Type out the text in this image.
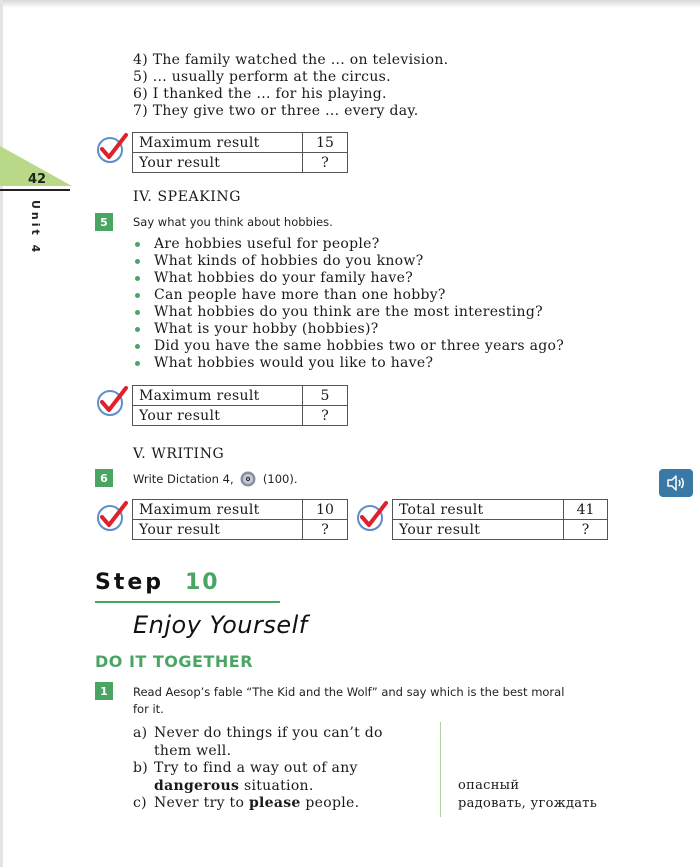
4) The family watched the ... on television.
5) ... usually perform at the circus.
6) I thanked the ... for his playing.
7) They give two or three ... every day.
42
Unit 4
Maximum result	15
Your result	?
IV. SPEAKING
5	Say what you think about hobbies.
Are hobbies useful for people?
What kinds of hobbies do you know?
What hobbies do your family have?
Can people have more than one hobby?
What hobbies do you think are the most interesting?
What is your hobby (hobbies)?
Did you have the same hobbies two or three years ago?
What hobbies would you like to have?
Maximum result	5
Your result	?
V. WRITING
6	Write Dictation 4,	(100).
Maximum result	10
Your result	?
Total result	41
Your result	?
Step 10
Enjoy Yourself
DO IT TOGETHER
1	Read Aesop’s fable “The Kid and the Wolf” and say which is the best moral
for it.
a) Never do things if you can’t do
them well.
b) Try to find a way out of any
dangerous situation.
c) Never try to please people.
опасный
радовать, угождать
